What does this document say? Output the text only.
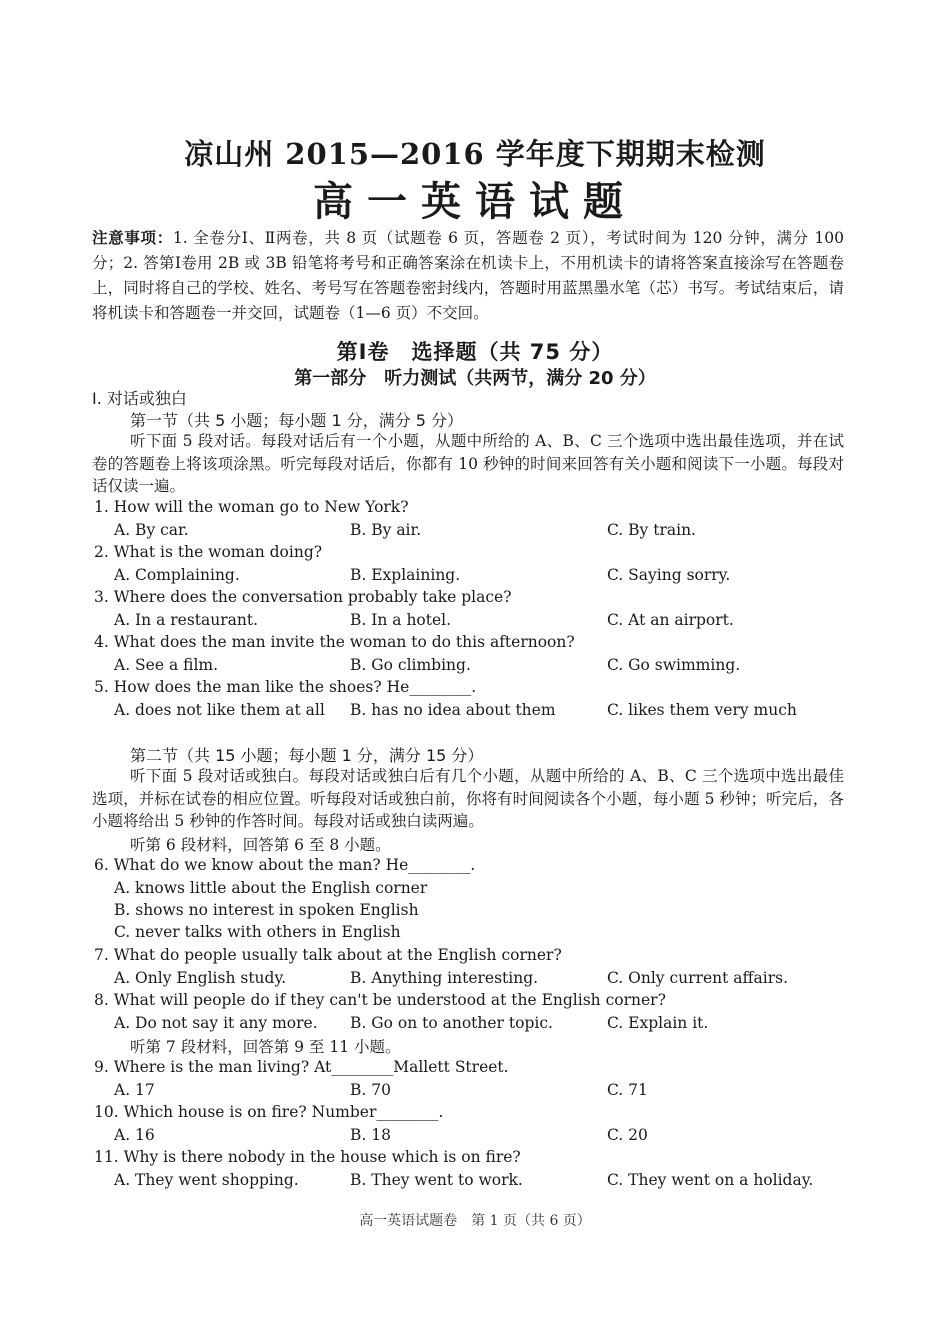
凉山州 2015—2016 学年度下期期末检测
高一英语试题
注意事项：1. 全卷分Ⅰ、Ⅱ两卷，共 8 页（试题卷 6 页，答题卷 2 页），考试时间为 120 分钟，满分 100 分；2. 答第Ⅰ卷用 2B 或 3B 铅笔将考号和正确答案涂在机读卡上，不用机读卡的请将答案直接涂写在答题卷上，同时将自己的学校、姓名、考号写在答题卷密封线内，答题时用蓝黑墨水笔（芯）书写。考试结束后，请将机读卡和答题卷一并交回，试题卷（1—6 页）不交回。
第Ⅰ卷　选择题（共 75 分）
第一部分　听力测试（共两节，满分 20 分）
I. 对话或独白
第一节（共 5 小题；每小题 1 分，满分 5 分）
听下面 5 段对话。每段对话后有一个小题，从题中所给的 A、B、C 三个选项中选出最佳选项，并在试卷的答题卷上将该项涂黑。听完每段对话后，你都有 10 秒钟的时间来回答有关小题和阅读下一小题。每段对话仅读一遍。
1. How will the woman go to New York?
A. By car.	B. By air.	C. By train.
2. What is the woman doing?
A. Complaining.	B. Explaining.	C. Saying sorry.
3. Where does the conversation probably take place?
A. In a restaurant.	B. In a hotel.	C. At an airport.
4. What does the man invite the woman to do this afternoon?
A. See a film.	B. Go climbing.	C. Go swimming.
5. How does the man like the shoes? He________.
A. does not like them at all B. has no idea about them	C. likes them very much
第二节（共 15 小题；每小题 1 分，满分 15 分）
听下面 5 段对话或独白。每段对话或独白后有几个小题，从题中所给的 A、B、C 三个选项中选出最佳选项，并标在试卷的相应位置。听每段对话或独白前，你将有时间阅读各个小题，每小题 5 秒钟；听完后，各小题将给出 5 秒钟的作答时间。每段对话或独白读两遍。
听第 6 段材料，回答第 6 至 8 小题。
6. What do we know about the man? He________.
A. knows little about the English corner
B. shows no interest in spoken English
C. never talks with others in English
7. What do people usually talk about at the English corner?
A. Only English study.	B. Anything interesting.	C. Only current affairs.
8. What will people do if they can't be understood at the English corner?
A. Do not say it any more. B. Go on to another topic.	C. Explain it.
听第 7 段材料，回答第 9 至 11 小题。
9. Where is the man living? At________Mallett Street.
A. 17	B. 70	C. 71
10. Which house is on fire? Number________.
A. 16	B. 18	C. 20
11. Why is there nobody in the house which is on fire?
A. They went shopping.	B. They went to work.	C. They went on a holiday.
高一英语试题卷　第 1 页（共 6 页）
